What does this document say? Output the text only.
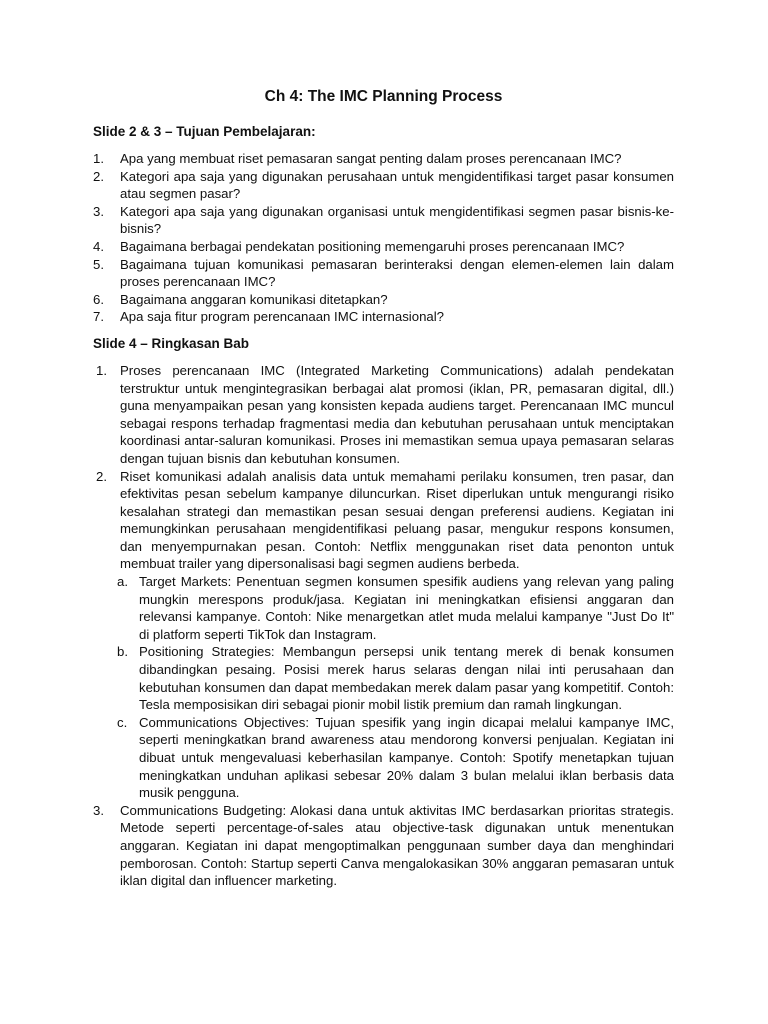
Ch 4: The IMC Planning Process
Slide 2 & 3 – Tujuan Pembelajaran:
1. Apa yang membuat riset pemasaran sangat penting dalam proses perencanaan IMC?
2. Kategori apa saja yang digunakan perusahaan untuk mengidentifikasi target pasar konsumen atau segmen pasar?
3. Kategori apa saja yang digunakan organisasi untuk mengidentifikasi segmen pasar bisnis-ke-bisnis?
4. Bagaimana berbagai pendekatan positioning memengaruhi proses perencanaan IMC?
5. Bagaimana tujuan komunikasi pemasaran berinteraksi dengan elemen-elemen lain dalam proses perencanaan IMC?
6. Bagaimana anggaran komunikasi ditetapkan?
7. Apa saja fitur program perencanaan IMC internasional?
Slide 4 – Ringkasan Bab
1. Proses perencanaan IMC (Integrated Marketing Communications) adalah pendekatan terstruktur untuk mengintegrasikan berbagai alat promosi (iklan, PR, pemasaran digital, dll.) guna menyampaikan pesan yang konsisten kepada audiens target. Perencanaan IMC muncul sebagai respons terhadap fragmentasi media dan kebutuhan perusahaan untuk menciptakan koordinasi antar-saluran komunikasi. Proses ini memastikan semua upaya pemasaran selaras dengan tujuan bisnis dan kebutuhan konsumen.
2. Riset komunikasi adalah analisis data untuk memahami perilaku konsumen, tren pasar, dan efektivitas pesan sebelum kampanye diluncurkan. Riset diperlukan untuk mengurangi risiko kesalahan strategi dan memastikan pesan sesuai dengan preferensi audiens. Kegiatan ini memungkinkan perusahaan mengidentifikasi peluang pasar, mengukur respons konsumen, dan menyempurnakan pesan. Contoh: Netflix menggunakan riset data penonton untuk membuat trailer yang dipersonalisasi bagi segmen audiens berbeda.
a. Target Markets: Penentuan segmen konsumen spesifik audiens yang relevan yang paling mungkin merespons produk/jasa. Kegiatan ini meningkatkan efisiensi anggaran dan relevansi kampanye. Contoh: Nike menargetkan atlet muda melalui kampanye "Just Do It" di platform seperti TikTok dan Instagram.
b. Positioning Strategies: Membangun persepsi unik tentang merek di benak konsumen dibandingkan pesaing. Posisi merek harus selaras dengan nilai inti perusahaan dan kebutuhan konsumen dan dapat membedakan merek dalam pasar yang kompetitif. Contoh: Tesla memposisikan diri sebagai pionir mobil listik premium dan ramah lingkungan.
c. Communications Objectives: Tujuan spesifik yang ingin dicapai melalui kampanye IMC, seperti meningkatkan brand awareness atau mendorong konversi penjualan. Kegiatan ini dibuat untuk mengevaluasi keberhasilan kampanye. Contoh: Spotify menetapkan tujuan meningkatkan unduhan aplikasi sebesar 20% dalam 3 bulan melalui iklan berbasis data musik pengguna.
3. Communications Budgeting: Alokasi dana untuk aktivitas IMC berdasarkan prioritas strategis. Metode seperti percentage-of-sales atau objective-task digunakan untuk menentukan anggaran. Kegiatan ini dapat mengoptimalkan penggunaan sumber daya dan menghindari pemborosan. Contoh: Startup seperti Canva mengalokasikan 30% anggaran pemasaran untuk iklan digital dan influencer marketing.
